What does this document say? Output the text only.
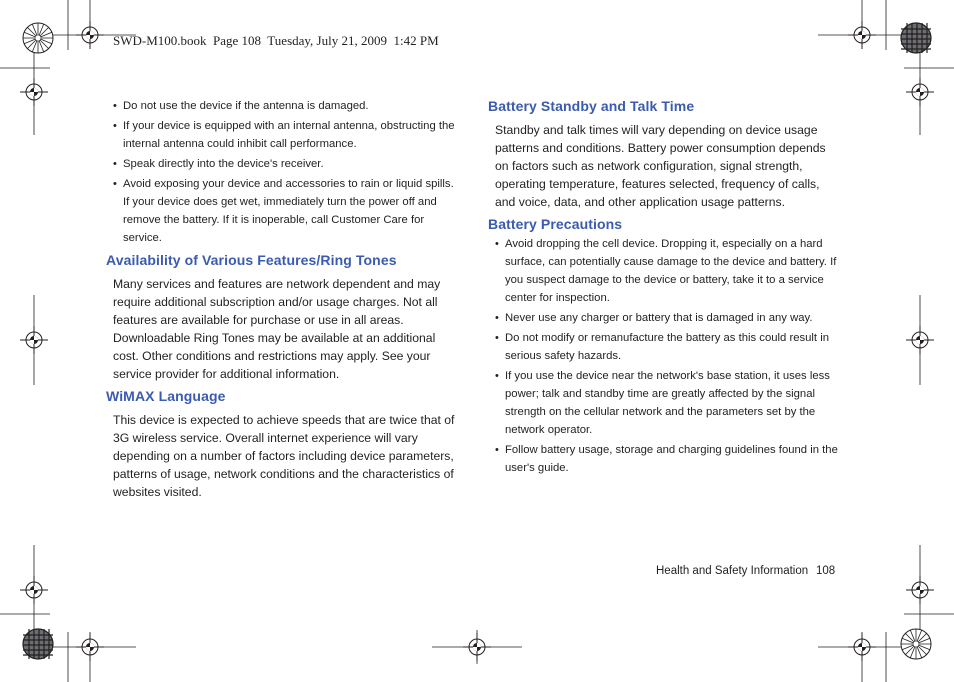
SWD-M100.book  Page 108  Tuesday, July 21, 2009  1:42 PM
• Do not use the device if the antenna is damaged.
• If your device is equipped with an internal antenna, obstructing the internal antenna could inhibit call performance.
• Speak directly into the device's receiver.
• Avoid exposing your device and accessories to rain or liquid spills. If your device does get wet, immediately turn the power off and remove the battery. If it is inoperable, call Customer Care for service.
Availability of Various Features/Ring Tones

Many services and features are network dependent and may require additional subscription and/or usage charges. Not all features are available for purchase or use in all areas. Downloadable Ring Tones may be available at an additional cost. Other conditions and restrictions may apply. See your service provider for additional information.

WiMAX Language

This device is expected to achieve speeds that are twice that of 3G wireless service. Overall internet experience will vary depending on a number of factors including device parameters, patterns of usage, network conditions and the characteristics of websites visited.

Battery Standby and Talk Time

Standby and talk times will vary depending on device usage patterns and conditions. Battery power consumption depends on factors such as network configuration, signal strength, operating temperature, features selected, frequency of calls, and voice, data, and other application usage patterns.

Battery Precautions
• Avoid dropping the cell device. Dropping it, especially on a hard surface, can potentially cause damage to the device and battery. If you suspect damage to the device or battery, take it to a service center for inspection.
• Never use any charger or battery that is damaged in any way.
• Do not modify or remanufacture the battery as this could result in serious safety hazards.
• If you use the device near the network's base station, it uses less power; talk and standby time are greatly affected by the signal strength on the cellular network and the parameters set by the network operator.
• Follow battery usage, storage and charging guidelines found in the user's guide.
Health and Safety Information 108
